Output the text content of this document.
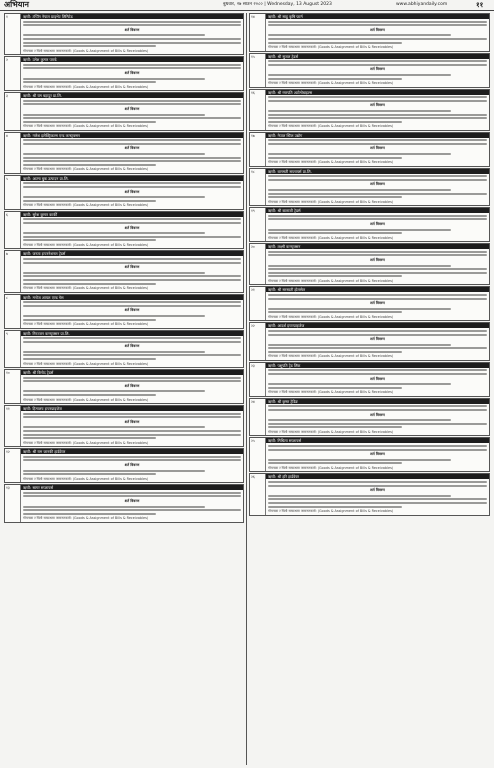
अभियान	बुधवार, २७ साउन २०८० | Wednesday, 13 August 2023	www.abhiyandaily.com	११
१	ऋणी: टप्पिंग नेपाल प्राइभेट लिमिटेड
शर्त विवरण
गोयनका र धितो सम्बन्धमा जमानतकर्ता: (Goods & Assignment of Bills & Receivables)
२	ऋणी: उमेश कुमार पाण्डे
शर्त विवरण
गोयनका र धितो सम्बन्धमा जमानतकर्ता: (Goods & Assignment of Bills & Receivables)
३	ऋणी: श्री यम बहादुर प्रा.लि.
शर्त विवरण
गोयनका र धितो सम्बन्धमा जमानतकर्ता: (Goods & Assignment of Bills & Receivables)
४	ऋणी: गणेश इलेक्ट्रिकल्स एन्ड कन्स्ट्रक्सन
शर्त विवरण
गोयनका र धितो सम्बन्धमा जमानतकर्ता: (Goods & Assignment of Bills & Receivables)
५	ऋणी: आत्मा बुक उत्पादन प्रा.लि.
शर्त विवरण
गोयनका र धितो सम्बन्धमा जमानतकर्ता: (Goods & Assignment of Bills & Receivables)
६	ऋणी: सुरेश कुमार कार्की
शर्त विवरण
गोयनका र धितो सम्बन्धमा जमानतकर्ता: (Goods & Assignment of Bills & Receivables)
७	ऋणी: जनता इन्टरनेशनल ट्रेडर्स
शर्त विवरण
गोयनका र धितो सम्बन्धमा जमानतकर्ता: (Goods & Assignment of Bills & Receivables)
८	ऋणी: मनोज आयल एण्ड गेस
शर्त विवरण
गोयनका र धितो सम्बन्धमा जमानतकर्ता: (Goods & Assignment of Bills & Receivables)
९	ऋणी: निरञ्जन कन्स्ट्रक्सन प्रा.लि.
शर्त विवरण
गोयनका र धितो सम्बन्धमा जमानतकर्ता: (Goods & Assignment of Bills & Receivables)
१०	ऋणी: श्री बिनोद ट्रेडर्स
शर्त विवरण
गोयनका र धितो सम्बन्धमा जमानतकर्ता: (Goods & Assignment of Bills & Receivables)
११	ऋणी: हिमालय इन्टरप्राइजेज
शर्त विवरण
गोयनका र धितो सम्बन्धमा जमानतकर्ता: (Goods & Assignment of Bills & Receivables)
१२	ऋणी: श्री राम जानकी हार्डवेयर
शर्त विवरण
गोयनका र धितो सम्बन्धमा जमानतकर्ता: (Goods & Assignment of Bills & Receivables)
१३	ऋणी: सागर सप्लायर्स
शर्त विवरण
गोयनका र धितो सम्बन्धमा जमानतकर्ता: (Goods & Assignment of Bills & Receivables)
१४	ऋणी: श्री साहु कृषि फार्म
शर्त विवरण
गोयनका र धितो सम्बन्धमा जमानतकर्ता: (Goods & Assignment of Bills & Receivables)
१५	ऋणी: श्री सुजल ट्रेडर्स
शर्त विवरण
गोयनका र धितो सम्बन्धमा जमानतकर्ता: (Goods & Assignment of Bills & Receivables)
१६	ऋणी: श्री गणपति अटोमोबाइल्स
शर्त विवरण
गोयनका र धितो सम्बन्धमा जमानतकर्ता: (Goods & Assignment of Bills & Receivables)
१७	ऋणी: नेपाल स्टिल उद्योग
शर्त विवरण
गोयनका र धितो सम्बन्धमा जमानतकर्ता: (Goods & Assignment of Bills & Receivables)
१८	ऋणी: बागमती सप्लायर्स प्रा.लि.
शर्त विवरण
गोयनका र धितो सम्बन्धमा जमानतकर्ता: (Goods & Assignment of Bills & Receivables)
१९	ऋणी: श्री बालाजी ट्रेडर्स
शर्त विवरण
गोयनका र धितो सम्बन्धमा जमानतकर्ता: (Goods & Assignment of Bills & Receivables)
२०	ऋणी: लक्ष्मी कन्स्ट्रक्सन
शर्त विवरण
गोयनका र धितो सम्बन्धमा जमानतकर्ता: (Goods & Assignment of Bills & Receivables)
२१	ऋणी: श्री सरस्वती होलसेल
शर्त विवरण
गोयनका र धितो सम्बन्धमा जमानतकर्ता: (Goods & Assignment of Bills & Receivables)
२२	ऋणी: आदर्श इन्टरप्राइजेज
शर्त विवरण
गोयनका र धितो सम्बन्धमा जमानतकर्ता: (Goods & Assignment of Bills & Receivables)
२३	ऋणी: पशुपति ट्रेड लिंक
शर्त विवरण
गोयनका र धितो सम्बन्धमा जमानतकर्ता: (Goods & Assignment of Bills & Receivables)
२४	ऋणी: श्री कृष्ण ट्रेडिङ
शर्त विवरण
गोयनका र धितो सम्बन्धमा जमानतकर्ता: (Goods & Assignment of Bills & Receivables)
२५	ऋणी: मिथिला सप्लायर्स
शर्त विवरण
गोयनका र धितो सम्बन्धमा जमानतकर्ता: (Goods & Assignment of Bills & Receivables)
२६	ऋणी: श्री हरि हार्डवेयर
शर्त विवरण
गोयनका र धितो सम्बन्धमा जमानतकर्ता: (Goods & Assignment of Bills & Receivables)
